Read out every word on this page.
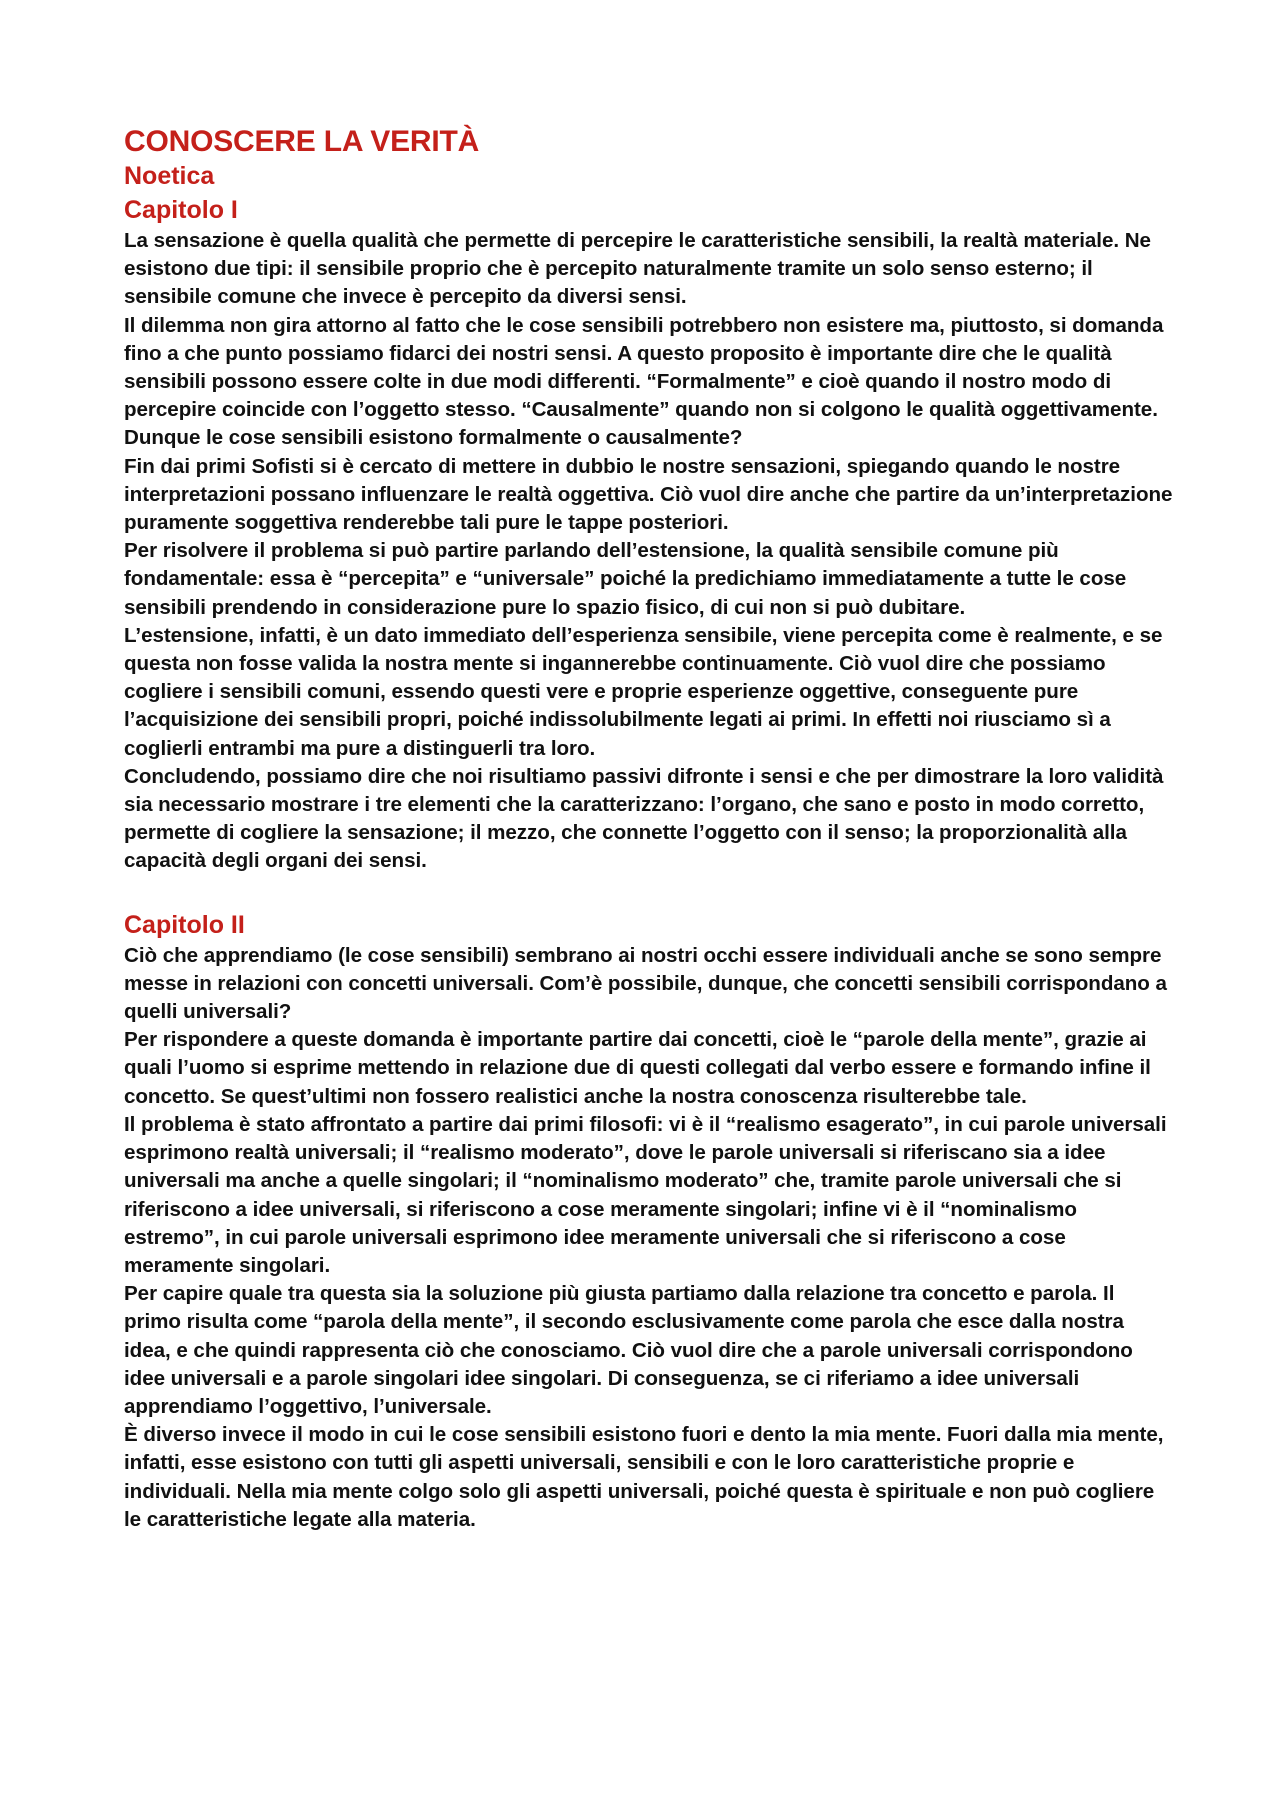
CONOSCERE LA VERITÀ
Noetica
Capitolo I

La sensazione è quella qualità che permette di percepire le caratteristiche sensibili, la realtà materiale. Ne esistono due tipi: il sensibile proprio che è percepito naturalmente tramite un solo senso esterno; il sensibile comune che invece è percepito da diversi sensi.

Il dilemma non gira attorno al fatto che le cose sensibili potrebbero non esistere ma, piuttosto, si domanda fino a che punto possiamo fidarci dei nostri sensi. A questo proposito è importante dire che le qualità sensibili possono essere colte in due modi differenti. “Formalmente” e cioè quando il nostro modo di percepire coincide con l’oggetto stesso. “Causalmente” quando non si colgono le qualità oggettivamente. Dunque le cose sensibili esistono formalmente o causalmente?

Fin dai primi Sofisti si è cercato di mettere in dubbio le nostre sensazioni, spiegando quando le nostre interpretazioni possano influenzare le realtà oggettiva. Ciò vuol dire anche che partire da un’interpretazione puramente soggettiva renderebbe tali pure le tappe posteriori.

Per risolvere il problema si può partire parlando dell’estensione, la qualità sensibile comune più fondamentale: essa è “percepita” e “universale” poiché la predichiamo immediatamente a tutte le cose sensibili prendendo in considerazione pure lo spazio fisico, di cui non si può dubitare.

L’estensione, infatti, è un dato immediato dell’esperienza sensibile, viene percepita come è realmente, e se questa non fosse valida la nostra mente si ingannerebbe continuamente. Ciò vuol dire che possiamo cogliere i sensibili comuni, essendo questi vere e proprie esperienze oggettive, conseguente pure l’acquisizione dei sensibili propri, poiché indissolubilmente legati ai primi. In effetti noi riusciamo sì a coglierli entrambi ma pure a distinguerli tra loro.

Concludendo, possiamo dire che noi risultiamo passivi difronte i sensi e che per dimostrare la loro validità sia necessario mostrare i tre elementi che la caratterizzano: l’organo, che sano e posto in modo corretto, permette di cogliere la sensazione; il mezzo, che connette l’oggetto con il senso; la proporzionalità alla capacità degli organi dei sensi.

Capitolo II

Ciò che apprendiamo (le cose sensibili) sembrano ai nostri occhi essere individuali anche se sono sempre messe in relazioni con concetti universali. Com’è possibile, dunque, che concetti sensibili corrispondano a quelli universali?

Per rispondere a queste domanda è importante partire dai concetti, cioè le “parole della mente”, grazie ai quali l’uomo si esprime mettendo in relazione due di questi collegati dal verbo essere e formando infine il concetto. Se quest’ultimi non fossero realistici anche la nostra conoscenza risulterebbe tale.

Il problema è stato affrontato a partire dai primi filosofi: vi è il “realismo esagerato”, in cui parole universali esprimono realtà universali; il “realismo moderato”, dove le parole universali si riferiscano sia a idee universali ma anche a quelle singolari; il “nominalismo moderato” che, tramite parole universali che si riferiscono a idee universali, si riferiscono a cose meramente singolari; infine vi è il “nominalismo estremo”, in cui parole universali esprimono idee meramente universali che si riferiscono a cose meramente singolari.

Per capire quale tra questa sia la soluzione più giusta partiamo dalla relazione tra concetto e parola. Il primo risulta come “parola della mente”, il secondo esclusivamente come parola che esce dalla nostra idea, e che quindi rappresenta ciò che conosciamo. Ciò vuol dire che a parole universali corrispondono idee universali e a parole singolari idee singolari. Di conseguenza, se ci riferiamo a idee universali apprendiamo l’oggettivo, l’universale.

È diverso invece il modo in cui le cose sensibili esistono fuori e dento la mia mente. Fuori dalla mia mente, infatti, esse esistono con tutti gli aspetti universali, sensibili e con le loro caratteristiche proprie e individuali. Nella mia mente colgo solo gli aspetti universali, poiché questa è spirituale e non può cogliere le caratteristiche legate alla materia.
